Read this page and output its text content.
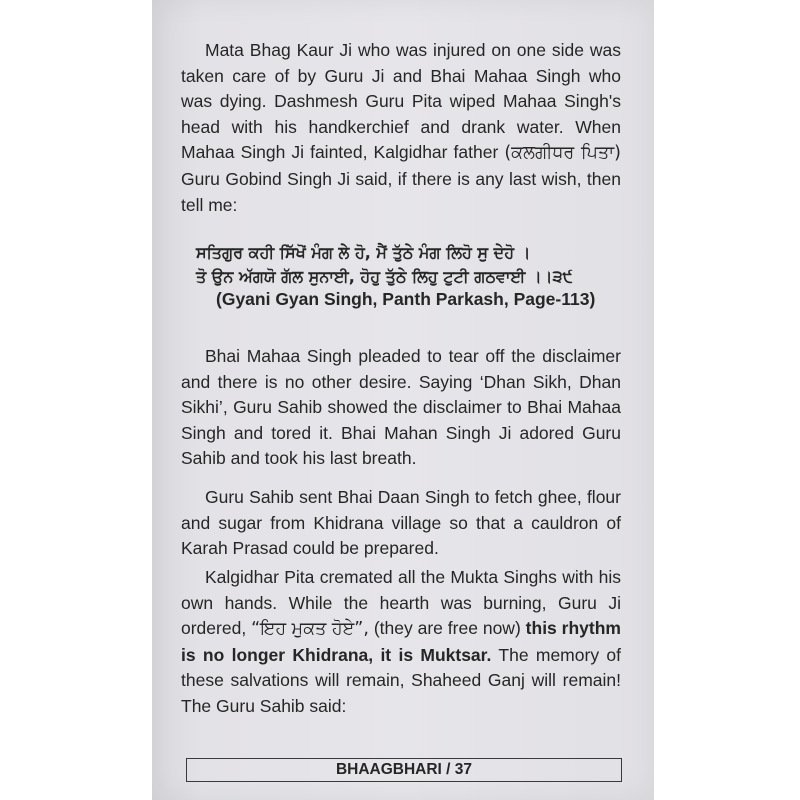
Mata Bhag Kaur Ji who was injured on one side was taken care of by Guru Ji and Bhai Mahaa Singh who was dying. Dashmesh Guru Pita wiped Mahaa Singh's head with his handkerchief and drank water. When Mahaa Singh Ji fainted, Kalgidhar father (ਕਲਗੀਧਰ ਪਿਤਾ) Guru Gobind Singh Ji said, if there is any last wish, then tell me:
ਸਤਿਗੁਰ ਕਹੀ ਸਿੱਖੋਂ ਮੰਗ ਲੇ ਹੋ, ਮੈਂ ਤੁੱਠੇ ਮੰਗ ਲਿਹੋ ਸੁ ਦੇਹੋ ।
ਤੋ ਉਨ ਅੱਗਯੋ ਗੱਲ ਸੁਨਾਈ, ਹੋਹੁ ਤੁੱਠੇ ਲਿਹੁ ਟੁਟੀ ਗਠਵਾਈ ।।੩੯
(Gyani Gyan Singh, Panth Parkash, Page-113)
Bhai Mahaa Singh pleaded to tear off the disclaimer and there is no other desire. Saying ‘Dhan Sikh, Dhan Sikhi’, Guru Sahib showed the disclaimer to Bhai Mahaa Singh and tored it. Bhai Mahan Singh Ji adored Guru Sahib and took his last breath.
Guru Sahib sent Bhai Daan Singh to fetch ghee, flour and sugar from Khidrana village so that a cauldron of Karah Prasad could be prepared.
Kalgidhar Pita cremated all the Mukta Singhs with his own hands. While the hearth was burning, Guru Ji ordered, “ਇਹ ਮੁਕਤ ਹੋਏ”, (they are free now) this rhythm is no longer Khidrana, it is Muktsar. The memory of these salvations will remain, Shaheed Ganj will remain! The Guru Sahib said:
BHAAGBHARI / 37
